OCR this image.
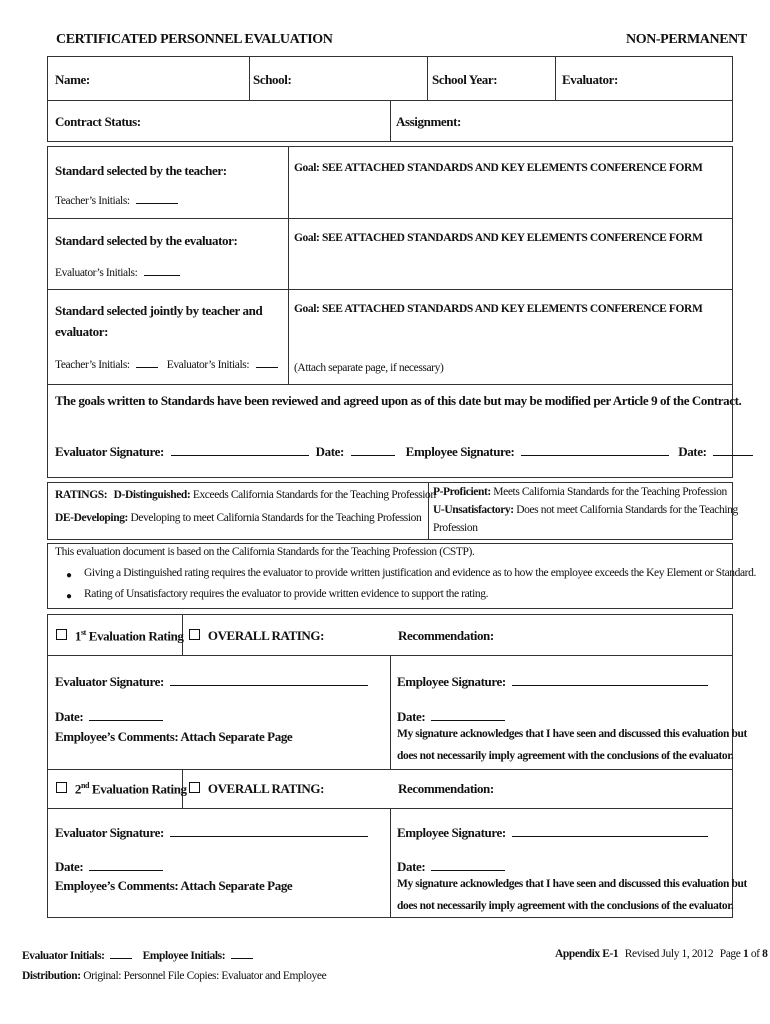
CERTIFICATED PERSONNEL EVALUATION	NON-PERMANENT
Name:	School:	School Year:	Evaluator:
Contract Status:	Assignment:
Standard selected by the teacher:
Teacher’s Initials:
Goal: SEE ATTACHED STANDARDS AND KEY ELEMENTS CONFERENCE FORM
Standard selected by the evaluator:
Evaluator’s Initials:
Goal: SEE ATTACHED STANDARDS AND KEY ELEMENTS CONFERENCE FORM
Standard selected jointly by teacher and
evaluator:
Teacher’s Initials:	Evaluator’s Initials:
Goal: SEE ATTACHED STANDARDS AND KEY ELEMENTS CONFERENCE FORM
(Attach separate page, if necessary)
The goals written to Standards have been reviewed and agreed upon as of this date but may be modified per Article 9 of the Contract.
Evaluator Signature:	Date:	Employee Signature:	Date:
RATINGS: D-Distinguished: Exceeds California Standards for the Teaching Profession
DE-Developing: Developing to meet California Standards for the Teaching Profession
P-Proficient: Meets California Standards for the Teaching Profession
U-Unsatisfactory: Does not meet California Standards for the Teaching
Profession
This evaluation document is based on the California Standards for the Teaching Profession (CSTP).
● Giving a Distinguished rating requires the evaluator to provide written justification and evidence as to how the employee exceeds the Key Element or Standard.
● Rating of Unsatisfactory requires the evaluator to provide written evidence to support the rating.
1st Evaluation Rating	OVERALL RATING:	Recommendation:
Evaluator Signature:	Employee Signature:
Date:
Employee’s Comments: Attach Separate Page
Date:
My signature acknowledges that I have seen and discussed this evaluation but
does not necessarily imply agreement with the conclusions of the evaluator.
2nd Evaluation Rating	OVERALL RATING:	Recommendation:
Evaluator Signature:	Employee Signature:
Date:
Employee’s Comments: Attach Separate Page
Date:
My signature acknowledges that I have seen and discussed this evaluation but
does not necessarily imply agreement with the conclusions of the evaluator.
Evaluator Initials:	Employee Initials:
Distribution: Original: Personnel File Copies: Evaluator and Employee
Appendix E-1 Revised July 1, 2012 Page 1 of 8
